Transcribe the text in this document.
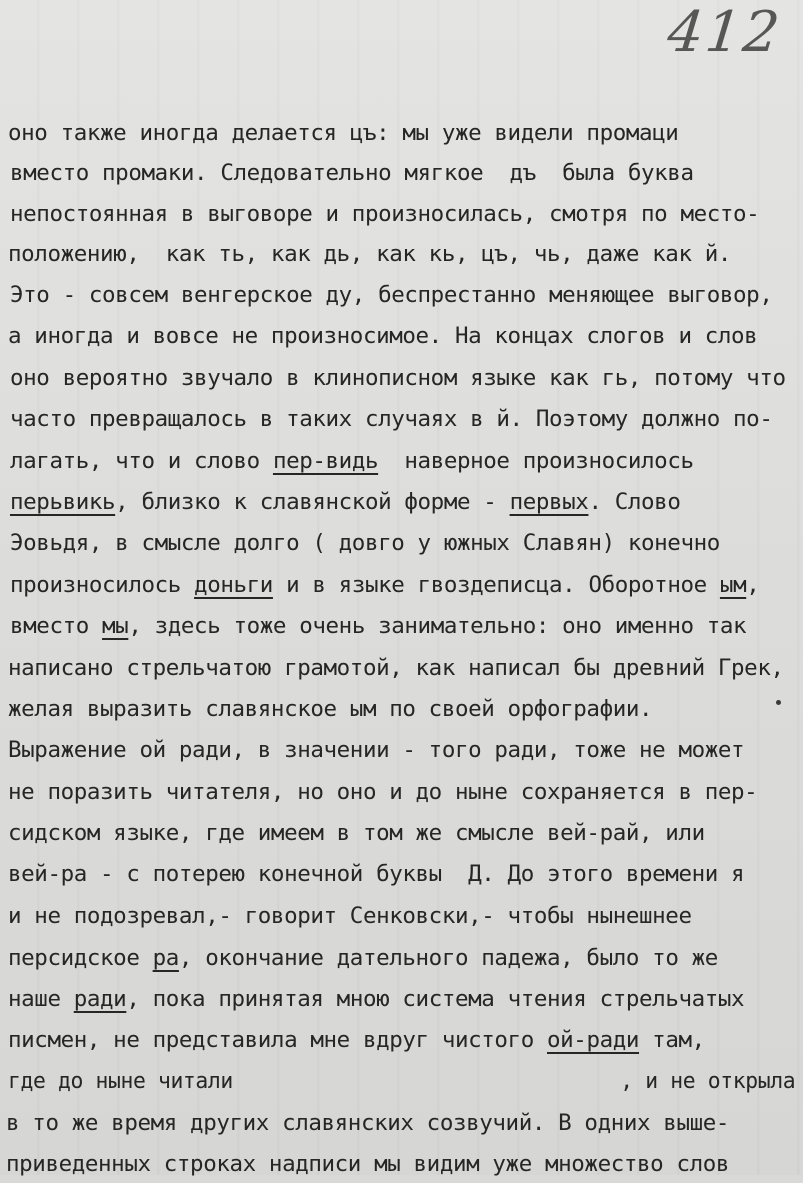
412
оно также иногда делается цъ: мы уже видели промаци
вместо промаки. Следовательно мягкое  дъ  была буква
непостоянная в выговоре и произносилась, смотря по место-
положению,  как ть, как дь, как кь, цъ, чь, даже как й.
Это - совсем венгерское ду, беспрестанно меняющее выговор,
а иногда и вовсе не произносимое. На концах слогов и слов
оно вероятно звучало в клинописном языке как гь, потому что
часто превращалось в таких случаях в й. Поэтому должно по-
лагать, что и слово пер-видь  наверное произносилось
перьвикь, близко к славянской форме - первых. Слово
Эовьдя, в смысле долго ( довго у южных Славян) конечно
произносилось доньги и в языке гвоздеписца. Оборотное ым,
вместо мы, здесь тоже очень занимательно: оно именно так
написано стрельчатою грамотой, как написал бы древний Грек,
желая выразить славянское ым по своей орфографии.
Выражение ой ради, в значении - того ради, тоже не может
не поразить читателя, но оно и до ныне сохраняется в пер-
сидском языке, где имеем в том же смысле вей-рай, или
вей-ра - с потерею конечной буквы  Д. До этого времени я
и не подозревал,- говорит Сенковски,- чтобы нынешнее
персидское ра, окончание дательного падежа, было то же
наше ради, пока принятая мною система чтения стрельчатых
писмен, не представила мне вдруг чистого ой-ради там,
где до ныне читали                               , и не открыла
в то же время других славянских созвучий. В одних выше-
приведенных строках надписи мы видим уже множество слов
